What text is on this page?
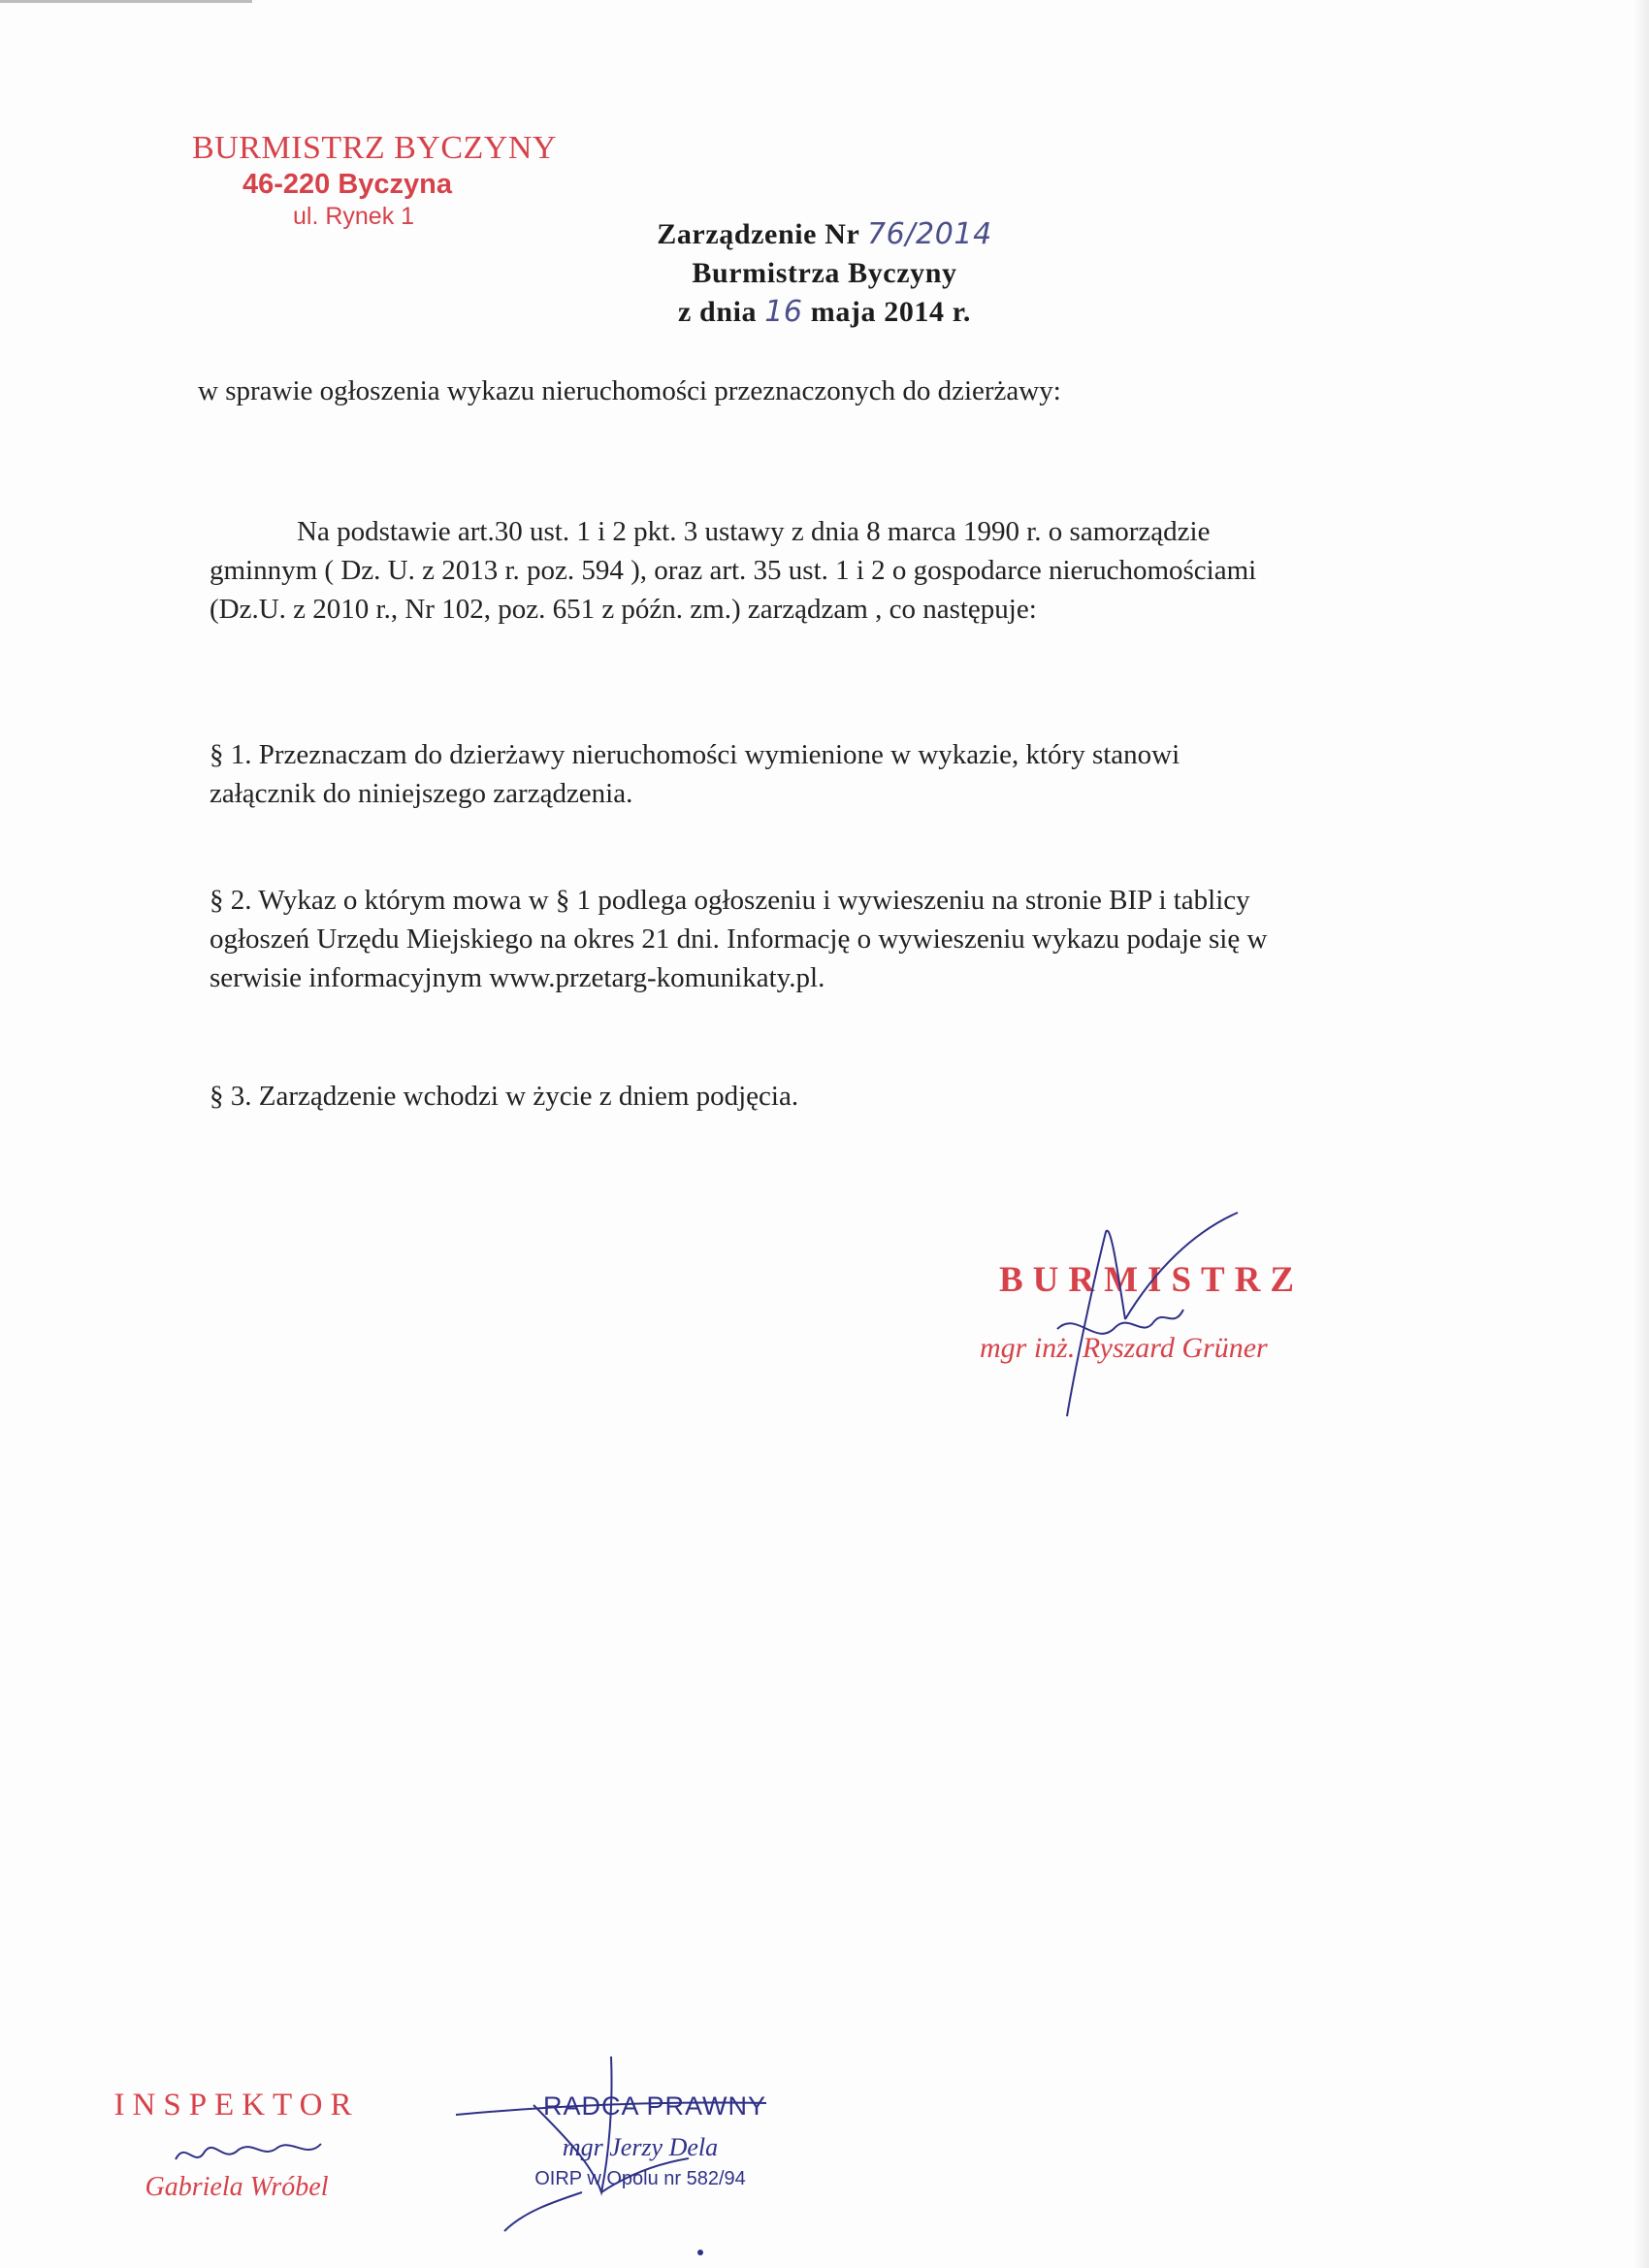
BURMISTRZ BYCZYNY
46-220 Byczyna
ul. Rynek 1
Zarządzenie Nr 76/2014
Burmistrza Byczyny
z dnia 16 maja 2014 r.
w sprawie ogłoszenia wykazu nieruchomości przeznaczonych do dzierżawy:
Na podstawie art.30 ust. 1 i 2 pkt. 3 ustawy z dnia 8 marca 1990 r. o samorządzie
gminnym ( Dz. U. z 2013 r. poz. 594 ), oraz art. 35 ust. 1 i 2 o gospodarce nieruchomościami
(Dz.U. z 2010 r., Nr 102, poz. 651 z późn. zm.) zarządzam , co następuje:
§ 1. Przeznaczam do dzierżawy nieruchomości wymienione w wykazie, który stanowi
załącznik do niniejszego zarządzenia.
§ 2. Wykaz o którym mowa w § 1 podlega ogłoszeniu i wywieszeniu na stronie BIP i tablicy
ogłoszeń Urzędu Miejskiego na okres 21 dni. Informację o wywieszeniu wykazu podaje się w
serwisie informacyjnym www.przetarg-komunikaty.pl.
§ 3. Zarządzenie wchodzi w życie z dniem podjęcia.
BURMISTRZ
mgr inż. Ryszard Grüner
INSPEKTOR
Gabriela Wróbel
RADCA PRAWNY
mgr Jerzy Dela
OIRP w Opolu nr 582/94
